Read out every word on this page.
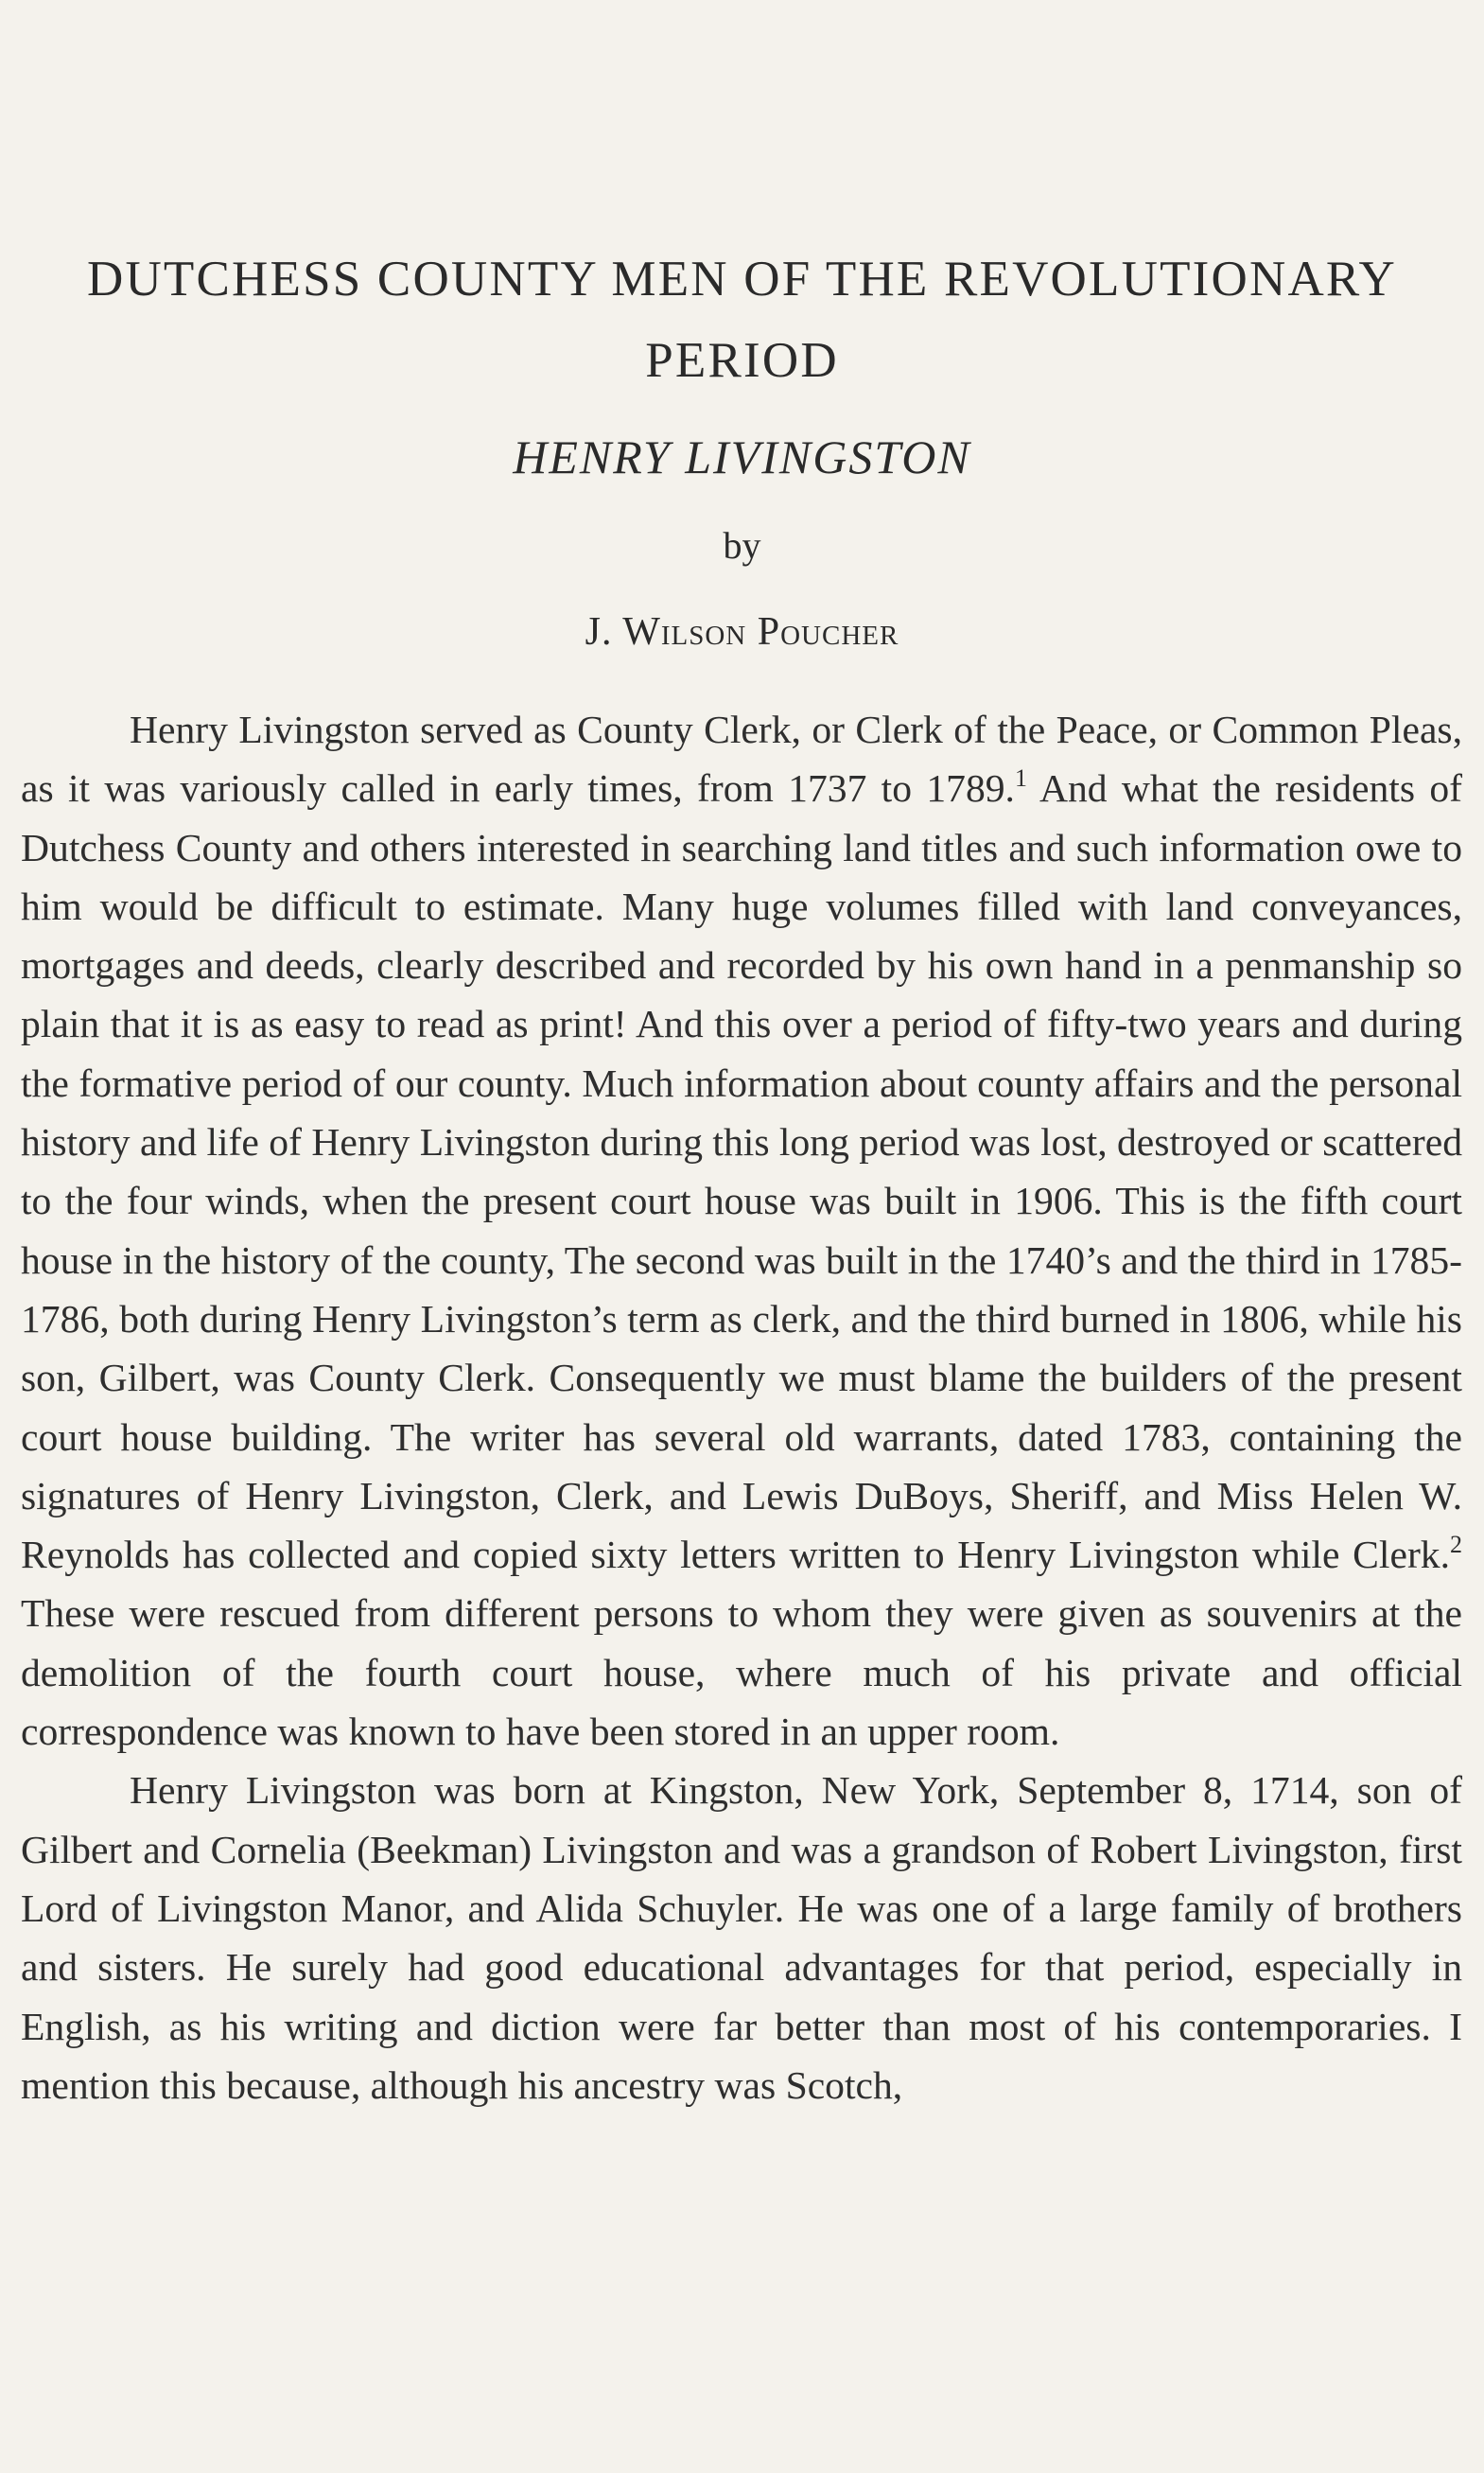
DUTCHESS COUNTY MEN OF THE REVOLUTIONARY
PERIOD
HENRY LIVINGSTON
by
J. Wilson Poucher

Henry Livingston served as County Clerk, or Clerk of the Peace, or Common Pleas, as it was variously called in early times, from 1737 to 1789.$^1$ And what the residents of Dutchess County and others interested in searching land titles and such information owe to him would be difficult to estimate. Many huge volumes filled with land conveyances, mortgages and deeds, clearly described and recorded by his own hand in a penmanship so plain that it is as easy to read as print! And this over a period of fifty-two years and during the formative period of our county. Much information about county affairs and the personal history and life of Henry Livingston during this long period was lost, destroyed or scattered to the four winds, when the present court house was built in 1906. This is the fifth court house in the history of the county, The second was built in the 1740’s and the third in 1785-1786, both during Henry Livingston’s term as clerk, and the third burned in 1806, while his son, Gilbert, was County Clerk. Consequently we must blame the builders of the present court house building. The writer has several old warrants, dated 1783, containing the signatures of Henry Livingston, Clerk, and Lewis DuBoys, Sheriff, and Miss Helen W. Reynolds has collected and copied sixty letters written to Henry Livingston while Clerk.$^2$ These were rescued from different persons to whom they were given as souvenirs at the demolition of the fourth court house, where much of his private and official correspondence was known to have been stored in an upper room.

Henry Livingston was born at Kingston, New York, September 8, 1714, son of Gilbert and Cornelia (Beekman) Livingston and was a grandson of Robert Livingston, first Lord of Livingston Manor, and Alida Schuyler. He was one of a large family of brothers and sisters. He surely had good educational advantages for that period, especially in English, as his writing and diction were far better than most of his contemporaries. I mention this because, although his ancestry was Scotch,
